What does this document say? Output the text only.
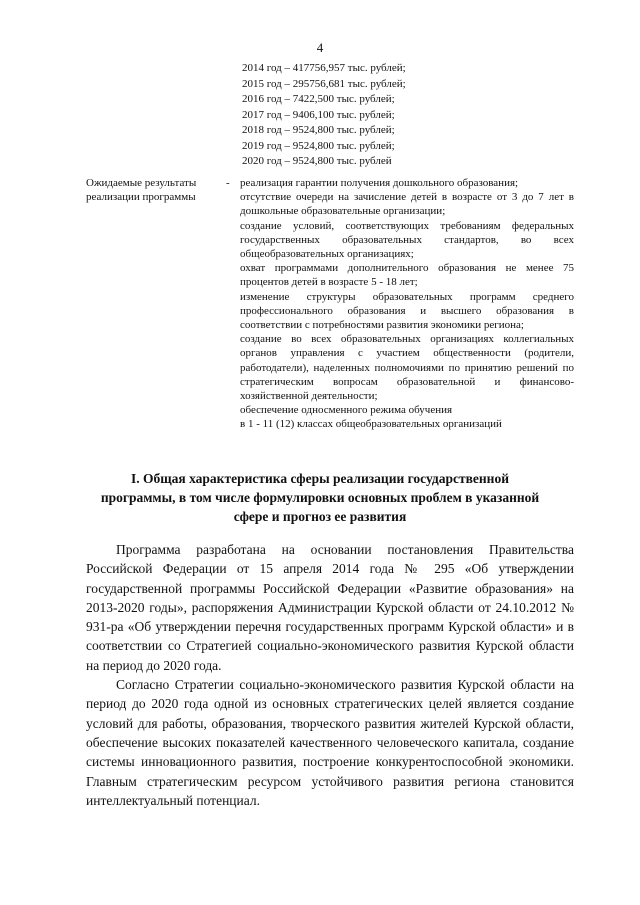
4
2014 год – 417756,957 тыс. рублей;
2015 год – 295756,681 тыс. рублей;
2016 год – 7422,500 тыс. рублей;
2017 год – 9406,100 тыс. рублей;
2018 год – 9524,800 тыс. рублей;
2019 год – 9524,800 тыс. рублей;
2020 год – 9524,800 тыс. рублей
Ожидаемые результаты реализации программы
- реализация гарантии получения дошкольного образования;
отсутствие очереди на зачисление детей в возрасте от 3 до 7 лет в дошкольные образовательные организации;
создание условий, соответствующих требованиям федеральных государственных образовательных стандартов, во всех общеобразовательных организациях;
охват программами дополнительного образования не менее 75 процентов детей в возрасте 5 - 18 лет;
изменение структуры образовательных программ среднего профессионального образования и высшего образования в соответствии с потребностями развития экономики региона;
создание во всех образовательных организациях коллегиальных органов управления с участием общественности (родители, работодатели), наделенных полномочиями по принятию решений по стратегическим вопросам образовательной и финансово-хозяйственной деятельности;
обеспечение односменного режима обучения
в 1 - 11 (12) классах общеобразовательных организаций
I. Общая характеристика сферы реализации государственной программы, в том числе формулировки основных проблем в указанной сфере и прогноз ее развития

Программа разработана на основании постановления Правительства Российской Федерации от 15 апреля 2014 года № 295 «Об утверждении государственной программы Российской Федерации «Развитие образования» на 2013-2020 годы», распоряжения Администрации Курской области от 24.10.2012 № 931-ра «Об утверждении перечня государственных программ Курской области» и в соответствии со Стратегией социально-экономического развития Курской области на период до 2020 года.

Согласно Стратегии социально-экономического развития Курской области на период до 2020 года одной из основных стратегических целей является создание условий для работы, образования, творческого развития жителей Курской области, обеспечение высоких показателей качественного человеческого капитала, создание системы инновационного развития, построение конкурентоспособной экономики. Главным стратегическим ресурсом устойчивого развития региона становится интеллектуальный потенциал.
